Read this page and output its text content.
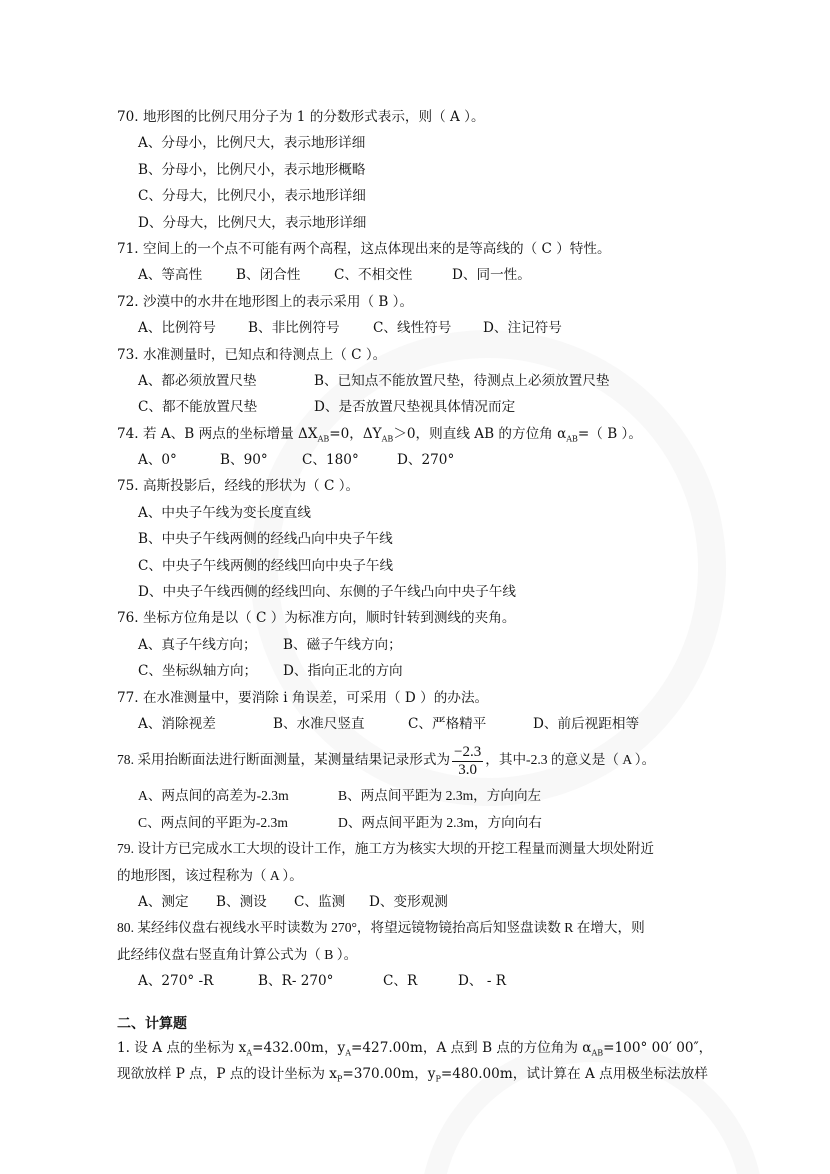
70. 地形图的比例尺用分子为 1 的分数形式表示，则（ A ）。
A、分母小，比例尺大，表示地形详细
B、分母小，比例尺小，表示地形概略
C、分母大，比例尺小，表示地形详细
D、分母大，比例尺大，表示地形详细
71. 空间上的一个点不可能有两个高程，这点体现出来的是等高线的（ C ）特性。
A、等高性	B、闭合性	C、不相交性	D、同一性。
72. 沙漠中的水井在地形图上的表示采用（ B ）。
A、比例符号	B、非比例符号	C、线性符号	D、注记符号
73. 水准测量时，已知点和待测点上（ C ）。
A、都必须放置尺垫	B、已知点不能放置尺垫，待测点上必须放置尺垫
C、都不能放置尺垫	D、是否放置尺垫视具体情况而定
74. 若 A、B 两点的坐标增量 $\Delta X_{AB}=0$，$\Delta Y_{AB}>0$，则直线 AB 的方位角 $\alpha_{AB}=$（ B ）。
A、0°	B、90°	C、180°	D、270°
75. 高斯投影后，经线的形状为（ C ）。
A、中央子午线为变长度直线
B、中央子午线两侧的经线凸向中央子午线
C、中央子午线两侧的经线凹向中央子午线
D、中央子午线西侧的经线凹向、东侧的子午线凸向中央子午线
76. 坐标方位角是以（ C ）为标准方向，顺时针转到测线的夹角。
A、真子午线方向；	B、磁子午线方向；
C、坐标纵轴方向；	D、指向正北的方向
77. 在水准测量中，要消除 i 角误差，可采用（ D ）的办法。
A、消除视差	B、水准尺竖直	C、严格精平	D、前后视距相等
78. 采用抬断面法进行断面测量，某测量结果记录形式为 $\frac{-2.3}{3.0}$ ，其中-2.3 的意义是（ A ）。
A、两点间的高差为-2.3m	B、两点间平距为 2.3m，方向向左
C、两点间的平距为-2.3m	D、两点间平距为 2.3m，方向向右
79. 设计方已完成水工大坝的设计工作，施工方为核实大坝的开挖工程量而测量大坝处附近
的地形图，该过程称为（ A ）。
A、测定	B、测设	C、监测	D、变形观测
80. 某经纬仪盘右视线水平时读数为 270°，将望远镜物镜抬高后知竖盘读数 R 在增大，则
此经纬仪盘右竖直角计算公式为（ B ）。
A、270° -R	B、R- 270°	C、R	D、 - R
二、计算题
1. 设 A 点的坐标为 $x_A=432.00m$，$y_A=427.00m$，A 点到 B 点的方位角为 $\alpha_{AB}=100^\circ$ 00′ 00″，
现欲放样 P 点，P 点的设计坐标为 $x_P=370.00m$，$y_P=480.00m$，试计算在 A 点用极坐标法放样
